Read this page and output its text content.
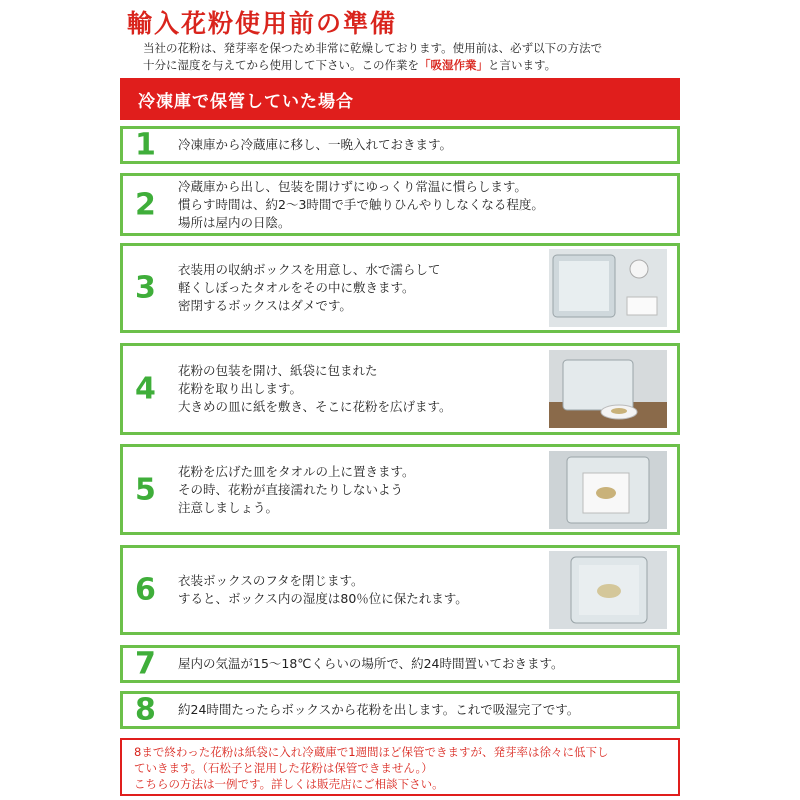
輸入花粉使用前の準備
当社の花粉は、発芽率を保つため非常に乾燥しております。使用前は、必ず以下の方法で
十分に湿度を与えてから使用して下さい。この作業を「吸湿作業」と言います。
冷凍庫で保管していた場合
1 冷凍庫から冷蔵庫に移し、一晩入れておきます。
2
冷蔵庫から出し、包装を開けずにゆっくり常温に慣らします。
慣らす時間は、約2～3時間で手で触りひんやりしなくなる程度。
場所は屋内の日陰。
3
衣装用の収納ボックスを用意し、水で濡らして
軽くしぼったタオルをその中に敷きます。
密閉するボックスはダメです。
4
花粉の包装を開け、紙袋に包まれた
花粉を取り出します。
大きめの皿に紙を敷き、そこに花粉を広げます。
5
花粉を広げた皿をタオルの上に置きます。
その時、花粉が直接濡れたりしないよう
注意しましょう。
6 衣装ボックスのフタを閉じます。
すると、ボックス内の湿度は80％位に保たれます。
7 屋内の気温が15～18℃くらいの場所で、約24時間置いておきます。
8 約24時間たったらボックスから花粉を出します。これで吸湿完了です。
8まで終わった花粉は紙袋に入れ冷蔵庫で1週間ほど保管できますが、発芽率は徐々に低下し
ていきます。（石松子と混用した花粉は保管できません。）
こちらの方法は一例です。詳しくは販売店にご相談下さい。
